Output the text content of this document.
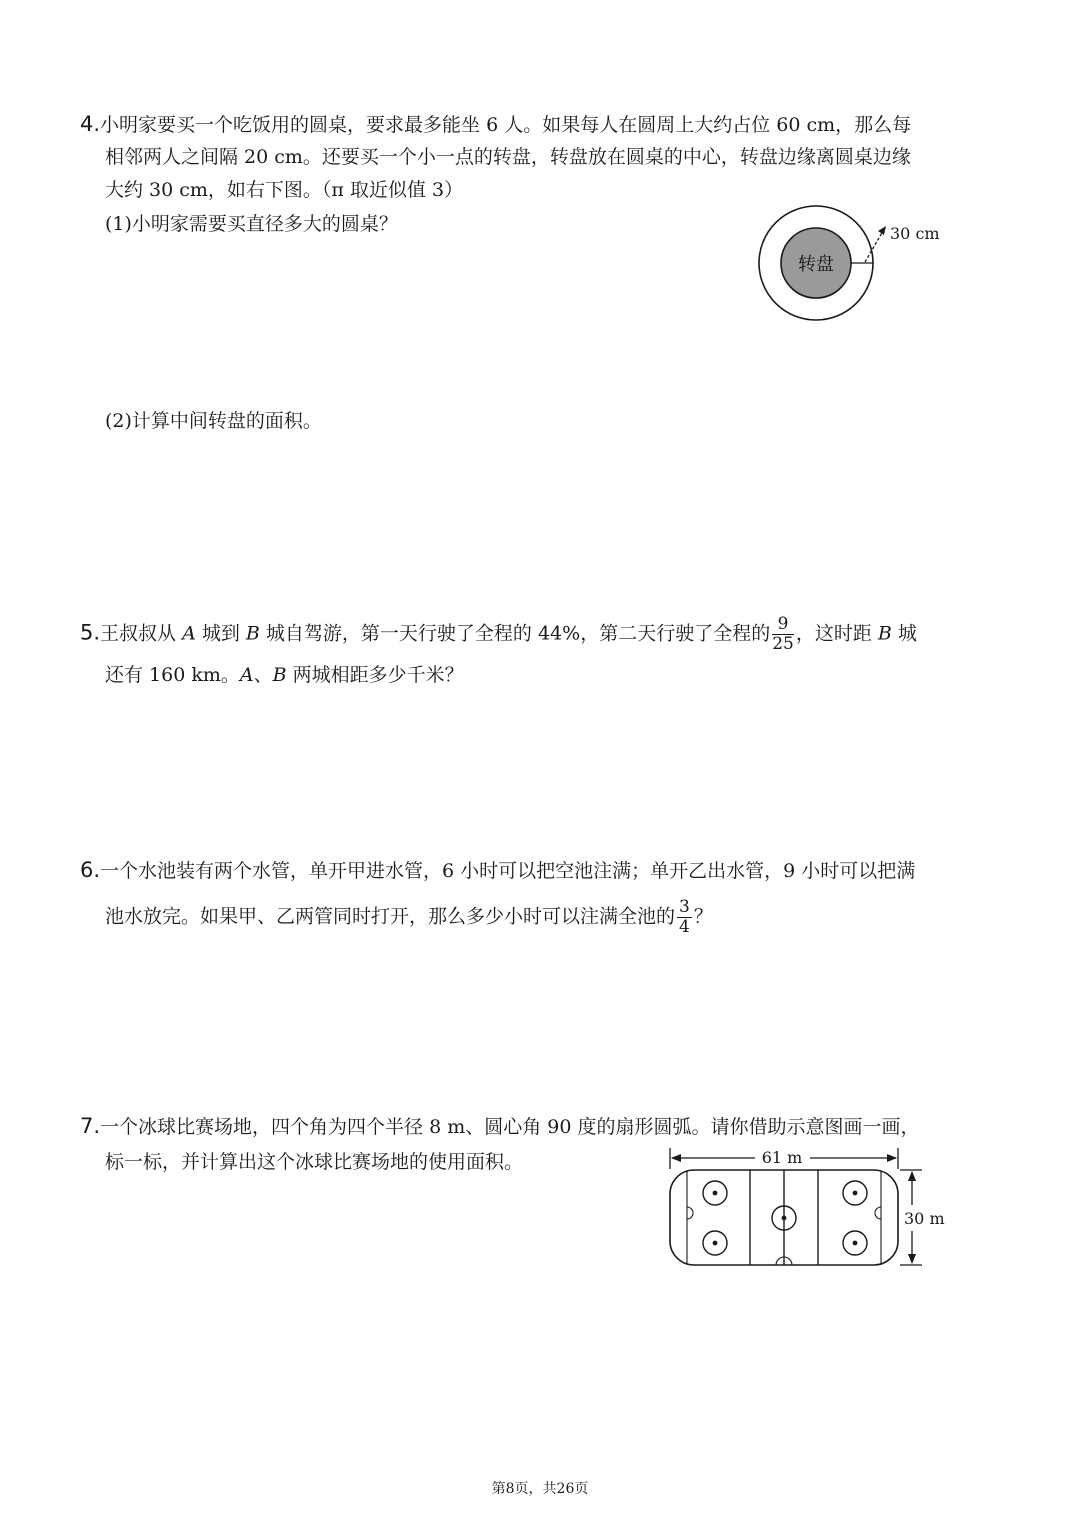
4.小明家要买一个吃饭用的圆桌，要求最多能坐 6 人。如果每人在圆周上大约占位 60 cm，那么每
相邻两人之间隔 20 cm。还要买一个小一点的转盘，转盘放在圆桌的中心，转盘边缘离圆桌边缘
大约 30 cm，如右下图。（π 取近似值 3）
(1)小明家需要买直径多大的圆桌？
转盘
30 cm
(2)计算中间转盘的面积。
5.王叔叔从 A 城到 B 城自驾游，第一天行驶了全程的 44%，第二天行驶了全程的 $\frac{9}{25}$ ，这时距 B 城
还有 160 km。A、B 两城相距多少千米？
6.一个水池装有两个水管，单开甲进水管，6 小时可以把空池注满；单开乙出水管，9 小时可以把满
池水放完。如果甲、乙两管同时打开，那么多少小时可以注满全池的 $\frac{3}{4}$ ？
7.一个冰球比赛场地，四个角为四个半径 8 m、圆心角 90 度的扇形圆弧。请你借助示意图画一画，
标一标，并计算出这个冰球比赛场地的使用面积。	61 m
30 m
第8页，共26页
